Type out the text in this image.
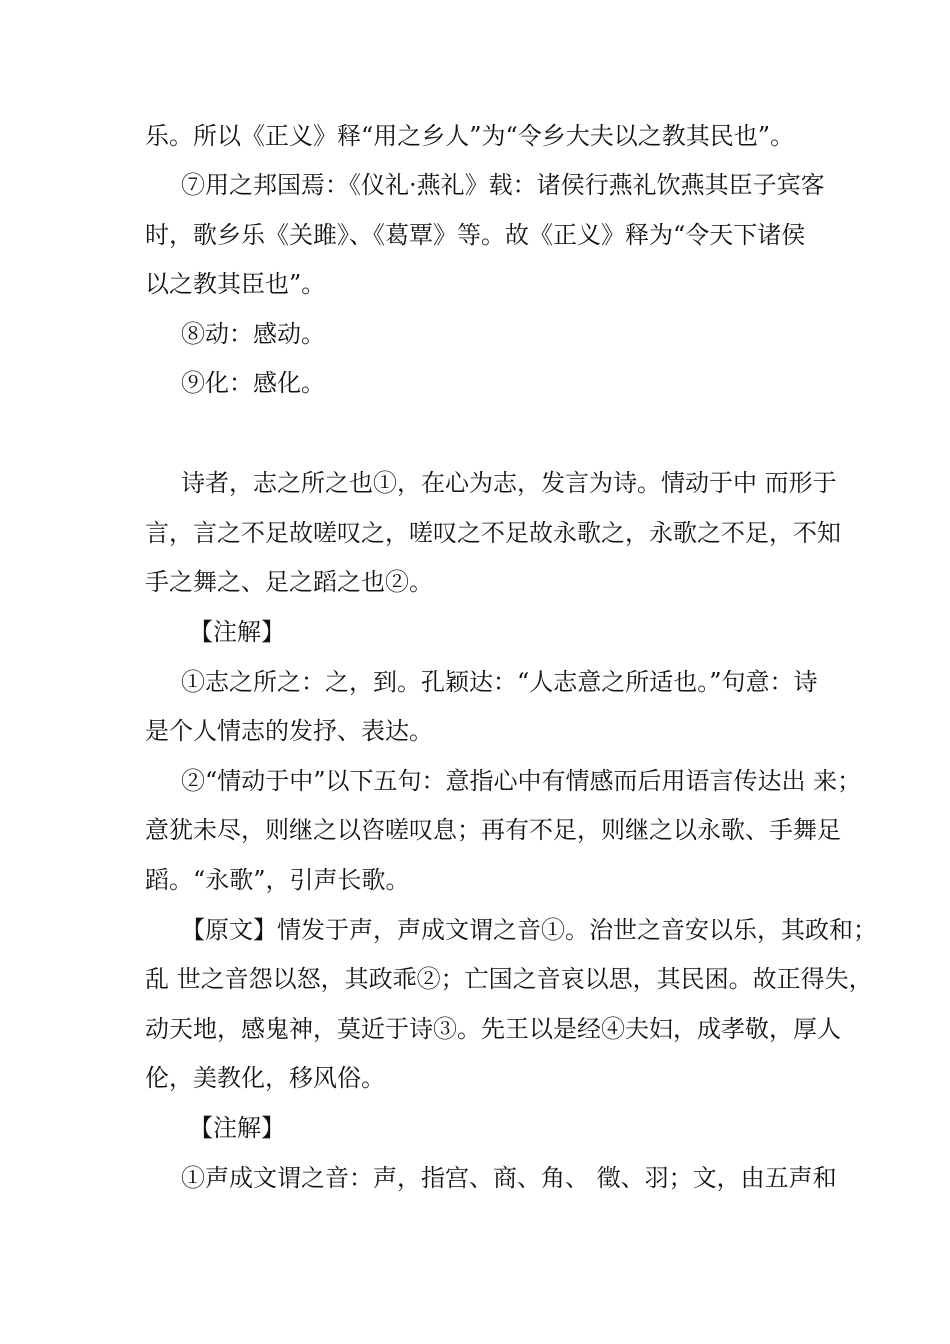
乐。所以《正义》释“用之乡人”为“令乡大夫以之教其民也”。
⑦用之邦国焉：《仪礼·燕礼》载：诸侯行燕礼饮燕其臣子宾客
时，歌乡乐《关雎》、《葛覃》等。故《正义》释为“令天下诸侯
以之教其臣也”。
⑧动：感动。
⑨化：感化。
诗者，志之所之也①，在心为志，发言为诗。情动于中 而形于
言，言之不足故嗟叹之，嗟叹之不足故永歌之，永歌之不足，不知
手之舞之、足之蹈之也②。
【注解】
①志之所之：之，到。孔颖达：“人志意之所适也。”句意：诗
是个人情志的发抒、表达。
②“情动于中”以下五句：意指心中有情感而后用语言传达出 来；
意犹未尽，则继之以咨嗟叹息；再有不足，则继之以永歌、手舞足
蹈。“永歌”，引声长歌。
【原文】情发于声，声成文谓之音①。治世之音安以乐，其政和；
乱 世之音怨以怒，其政乖②；亡国之音哀以思，其民困。故正得失，
动天地，感鬼神，莫近于诗③。先王以是经④夫妇，成孝敬，厚人
伦，美教化，移风俗。
【注解】
①声成文谓之音：声，指宫、商、角、 徵、羽；文，由五声和
